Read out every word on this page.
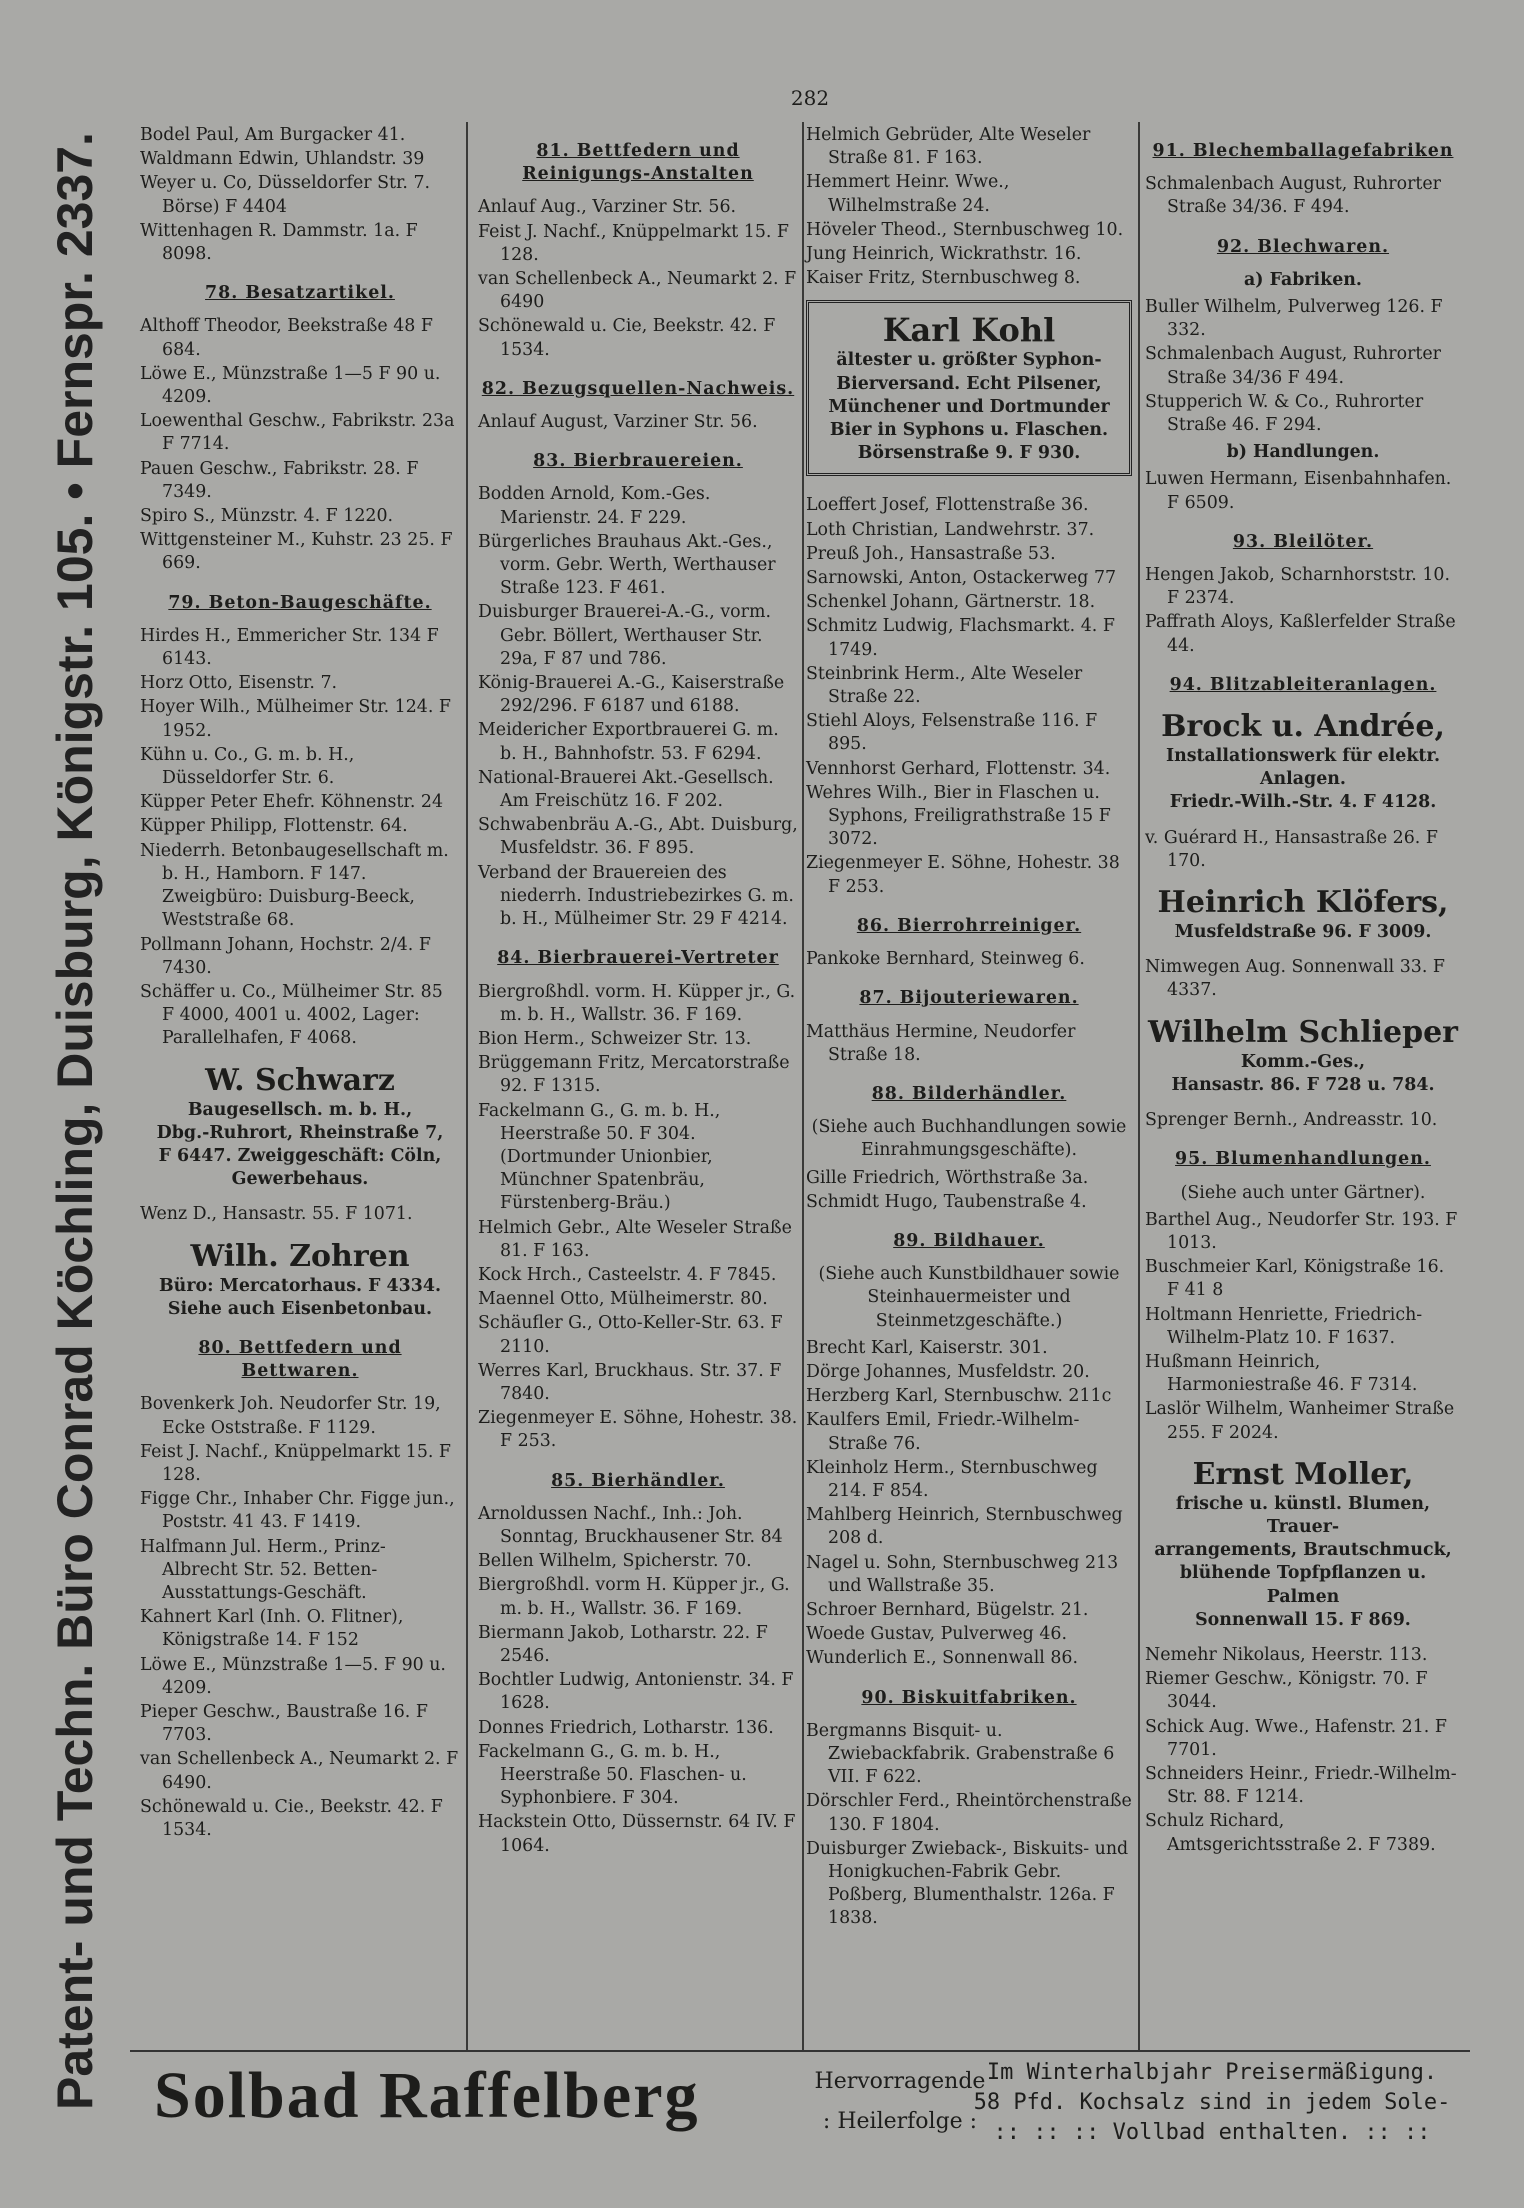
282
Patent- und Techn. Büro Conrad Köchling, Duisburg, Königstr. 105. • Fernspr. 2337.	Bodel Paul, Am Burgacker 41.
Waldmann Edwin, Uhlandstr. 39
Weyer u. Co, Düsseldorfer Str. 7. Börse) F 4404
Wittenhagen R. Dammstr. 1a. F 8098.
78. Besatzartikel.
Althoff Theodor, Beekstraße 48 F 684.
Löwe E., Münzstraße 1—5 F 90 u. 4209.
Loewenthal Geschw., Fabrikstr. 23a F 7714.
Pauen Geschw., Fabrikstr. 28. F 7349.
Spiro S., Münzstr. 4. F 1220.
Wittgensteiner M., Kuhstr. 23 25. F 669.
79. Beton-Baugeschäfte.
Hirdes H., Emmericher Str. 134 F 6143.
Horz Otto, Eisenstr. 7.
Hoyer Wilh., Mülheimer Str. 124. F 1952.
Kühn u. Co., G. m. b. H., Düsseldorfer Str. 6.
Küpper Peter Ehefr. Köhnenstr. 24
Küpper Philipp, Flottenstr. 64.
Niederrh. Betonbaugesellschaft m. b. H., Hamborn. F 147. Zweigbüro: Duisburg-Beeck, Weststraße 68.
Pollmann Johann, Hochstr. 2/4. F 7430.
Schäffer u. Co., Mülheimer Str. 85 F 4000, 4001 u. 4002, Lager: Parallelhafen, F 4068.
W. Schwarz
Baugesellsch. m. b. H.,
Dbg.-Ruhrort, Rheinstraße 7,
F 6447. Zweiggeschäft: Cöln,
Gewerbehaus.
Wenz D., Hansastr. 55. F 1071.
Wilh. Zohren
Büro: Mercatorhaus. F 4334.
Siehe auch Eisenbetonbau.
80. Bettfedern und Bettwaren.
Bovenkerk Joh. Neudorfer Str. 19, Ecke Oststraße. F 1129.
Feist J. Nachf., Knüppelmarkt 15. F 128.
Figge Chr., Inhaber Chr. Figge jun., Poststr. 41 43. F 1419.
Halfmann Jul. Herm., Prinz-Albrecht Str. 52. Betten-Ausstattungs-Geschäft.
Kahnert Karl (Inh. O. Flitner), Königstraße 14. F 152
Löwe E., Münzstraße 1—5. F 90 u. 4209.
Pieper Geschw., Baustraße 16. F 7703.
van Schellenbeck A., Neumarkt 2. F 6490.
Schönewald u. Cie., Beekstr. 42. F 1534.
81. Bettfedern und Reinigungs-Anstalten
Anlauf Aug., Varziner Str. 56.
Feist J. Nachf., Knüppelmarkt 15. F 128.
van Schellenbeck A., Neumarkt 2. F 6490
Schönewald u. Cie, Beekstr. 42. F 1534.
82. Bezugsquellen-Nachweis.
Anlauf August, Varziner Str. 56.
83. Bierbrauereien.
Bodden Arnold, Kom.-Ges. Marienstr. 24. F 229.
Bürgerliches Brauhaus Akt.-Ges., vorm. Gebr. Werth, Werthauser Straße 123. F 461.
Duisburger Brauerei-A.-G., vorm. Gebr. Böllert, Werthauser Str. 29a, F 87 und 786.
König-Brauerei A.-G., Kaiserstraße 292/296. F 6187 und 6188.
Meidericher Exportbrauerei G. m. b. H., Bahnhofstr. 53. F 6294.
National-Brauerei Akt.-Gesellsch. Am Freischütz 16. F 202.
Schwabenbräu A.-G., Abt. Duisburg, Musfeldstr. 36. F 895.
Verband der Brauereien des niederrh. Industriebezirkes G. m. b. H., Mülheimer Str. 29 F 4214.
84. Bierbrauerei-Vertreter
Biergroßhdl. vorm. H. Küpper jr., G. m. b. H., Wallstr. 36. F 169.
Bion Herm., Schweizer Str. 13.
Brüggemann Fritz, Mercatorstraße 92. F 1315.
Fackelmann G., G. m. b. H., Heerstraße 50. F 304. (Dortmunder Unionbier, Münchner Spatenbräu, Fürstenberg-Bräu.)
Helmich Gebr., Alte Weseler Straße 81. F 163.
Kock Hrch., Casteelstr. 4. F 7845.
Maennel Otto, Mülheimerstr. 80.
Schäufler G., Otto-Keller-Str. 63. F 2110.
Werres Karl, Bruckhaus. Str. 37. F 7840.
Ziegenmeyer E. Söhne, Hohestr. 38. F 253.
85. Bierhändler.
Arnoldussen Nachf., Inh.: Joh. Sonntag, Bruckhausener Str. 84
Bellen Wilhelm, Spicherstr. 70.
Biergroßhdl. vorm H. Küpper jr., G. m. b. H., Wallstr. 36. F 169.
Biermann Jakob, Lotharstr. 22. F 2546.
Bochtler Ludwig, Antonienstr. 34. F 1628.
Donnes Friedrich, Lotharstr. 136.
Fackelmann G., G. m. b. H., Heerstraße 50. Flaschen- u. Syphonbiere. F 304.
Hackstein Otto, Düssernstr. 64 IV. F 1064.
Helmich Gebrüder, Alte Weseler Straße 81. F 163.
Hemmert Heinr. Wwe., Wilhelmstraße 24.
Höveler Theod., Sternbuschweg 10.
Jung Heinrich, Wickrathstr. 16.
Kaiser Fritz, Sternbuschweg 8.
Karl Kohl
ältester u. größter Syphon-
Bierversand. Echt Pilsener,
Münchener und Dortmunder
Bier in Syphons u. Flaschen.
Börsenstraße 9. F 930.
Loeffert Josef, Flottenstraße 36.
Loth Christian, Landwehrstr. 37.
Preuß Joh., Hansastraße 53.
Sarnowski, Anton, Ostackerweg 77
Schenkel Johann, Gärtnerstr. 18.
Schmitz Ludwig, Flachsmarkt. 4. F 1749.
Steinbrink Herm., Alte Weseler Straße 22.
Stiehl Aloys, Felsenstraße 116. F 895.
Vennhorst Gerhard, Flottenstr. 34.
Wehres Wilh., Bier in Flaschen u. Syphons, Freiligrathstraße 15 F 3072.
Ziegenmeyer E. Söhne, Hohestr. 38 F 253.
86. Bierrohrreiniger.
Pankoke Bernhard, Steinweg 6.
87. Bijouteriewaren.
Matthäus Hermine, Neudorfer Straße 18.
88. Bilderhändler.
(Siehe auch Buchhandlungen sowie Einrahmungsgeschäfte).
Gille Friedrich, Wörthstraße 3a.
Schmidt Hugo, Taubenstraße 4.
89. Bildhauer.
(Siehe auch Kunstbildhauer sowie Steinhauermeister und Steinmetzgeschäfte.)
Brecht Karl, Kaiserstr. 301.
Dörge Johannes, Musfeldstr. 20.
Herzberg Karl, Sternbuschw. 211c
Kaulfers Emil, Friedr.-Wilhelm-Straße 76.
Kleinholz Herm., Sternbuschweg 214. F 854.
Mahlberg Heinrich, Sternbuschweg 208 d.
Nagel u. Sohn, Sternbuschweg 213 und Wallstraße 35.
Schroer Bernhard, Bügelstr. 21.
Woede Gustav, Pulverweg 46.
Wunderlich E., Sonnenwall 86.
90. Biskuitfabriken.
Bergmanns Bisquit- u. Zwiebackfabrik. Grabenstraße 6 VII. F 622.
Dörschler Ferd., Rheintörchenstraße 130. F 1804.
Duisburger Zwieback-, Biskuits- und Honigkuchen-Fabrik Gebr. Poßberg, Blumenthalstr. 126a. F 1838.
91. Blechemballagefabriken
Schmalenbach August, Ruhrorter Straße 34/36. F 494.
92. Blechwaren.
a) Fabriken.
Buller Wilhelm, Pulverweg 126. F 332.
Schmalenbach August, Ruhrorter Straße 34/36 F 494.
Stupperich W. & Co., Ruhrorter Straße 46. F 294.
b) Handlungen.
Luwen Hermann, Eisenbahnhafen. F 6509.
93. Bleilöter.
Hengen Jakob, Scharnhorststr. 10. F 2374.
Paffrath Aloys, Kaßlerfelder Straße 44.
94. Blitzableiteranlagen.
Brock u. Andrée,
Installationswerk für elektr.
Anlagen.
Friedr.-Wilh.-Str. 4. F 4128.
v. Guérard H., Hansastraße 26. F 170.
Heinrich Klöfers,
Musfeldstraße 96. F 3009.
Nimwegen Aug. Sonnenwall 33. F 4337.
Wilhelm Schlieper
Komm.-Ges.,
Hansastr. 86. F 728 u. 784.
Sprenger Bernh., Andreasstr. 10.
95. Blumenhandlungen.
(Siehe auch unter Gärtner).
Barthel Aug., Neudorfer Str. 193. F 1013.
Buschmeier Karl, Königstraße 16. F 41 8
Holtmann Henriette, Friedrich-Wilhelm-Platz 10. F 1637.
Hußmann Heinrich, Harmoniestraße 46. F 7314.
Laslör Wilhelm, Wanheimer Straße 255. F 2024.
Ernst Moller,
frische u. künstl. Blumen, Trauer-
arrangements, Brautschmuck,
blühende Topfpflanzen u. Palmen
Sonnenwall 15. F 869.
Nemehr Nikolaus, Heerstr. 113.
Riemer Geschw., Königstr. 70. F 3044.
Schick Aug. Wwe., Hafenstr. 21. F 7701.
Schneiders Heinr., Friedr.-Wilhelm-Str. 88. F 1214.
Schulz Richard, Amtsgerichtsstraße 2. F 7389.
Solbad Raffelberg	Hervorragende
: Heilerfolge :
Im Winterhalbjahr Preisermäßigung.
58 Pfd. Kochsalz sind in jedem Sole-
:: :: :: Vollbad enthalten. :: ::
